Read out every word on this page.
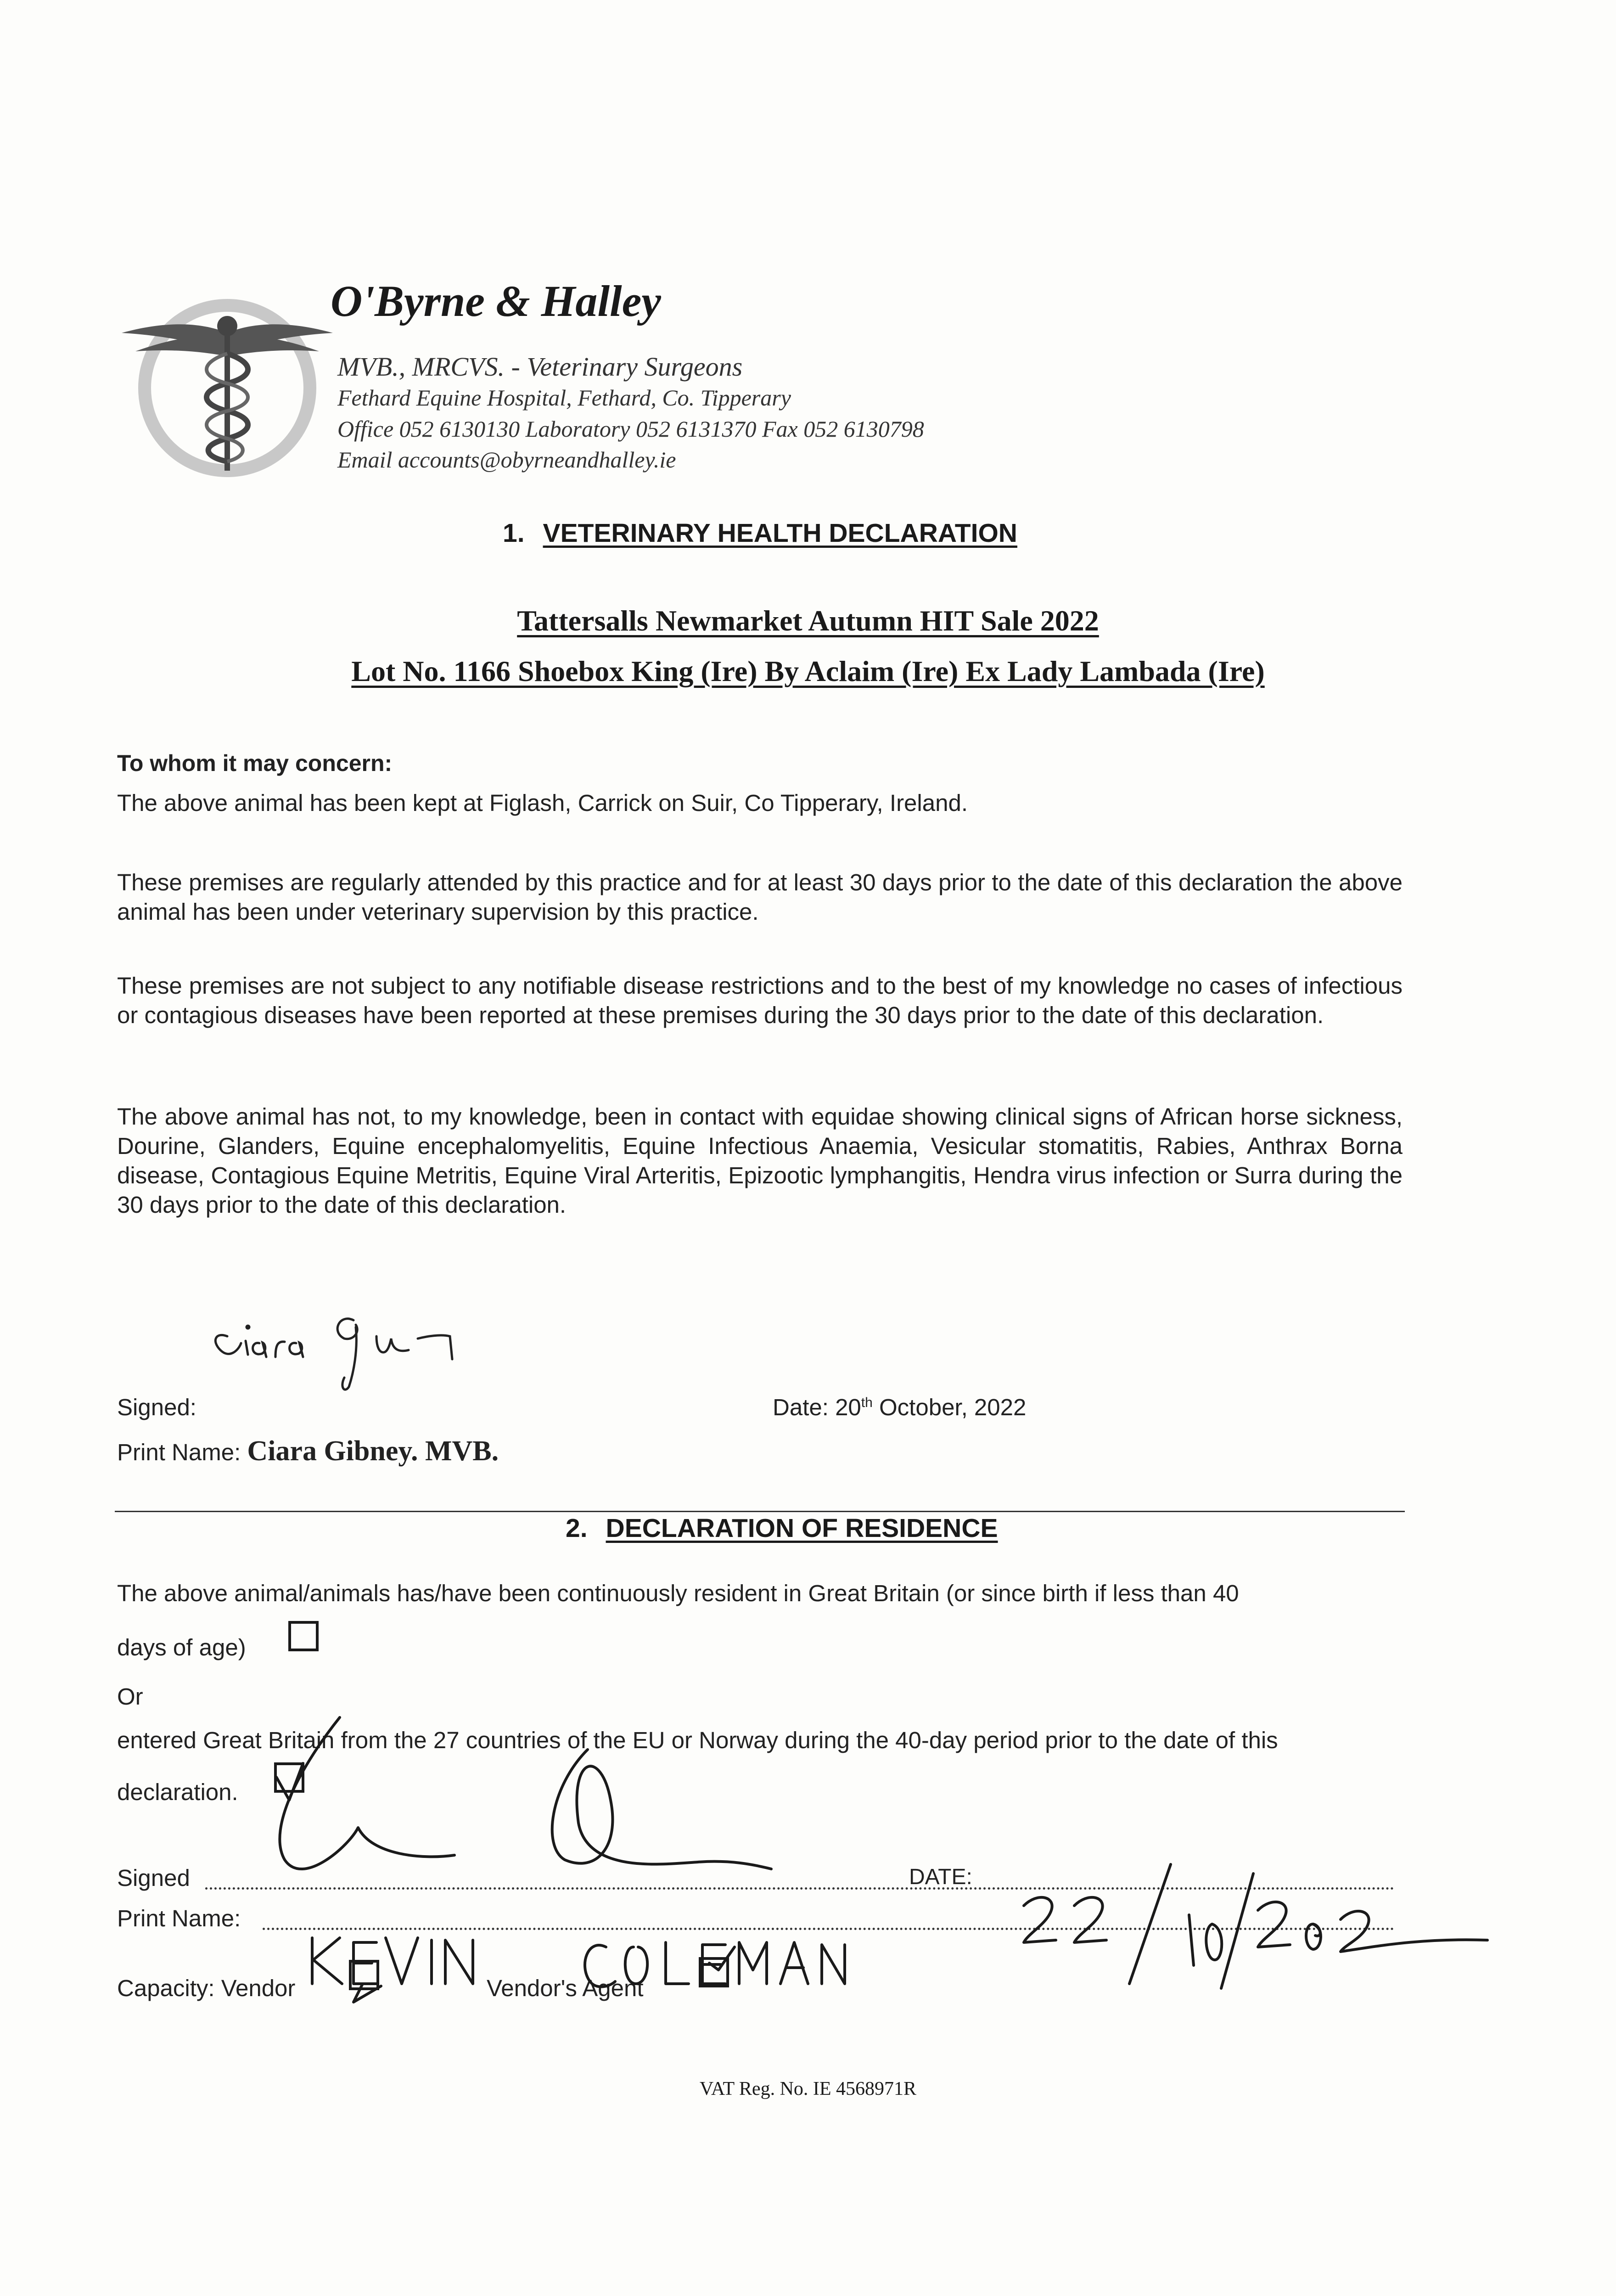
O'Byrne & Halley
MVB., MRCVS. - Veterinary Surgeons
Fethard Equine Hospital, Fethard, Co. Tipperary
Office 052 6130130 Laboratory 052 6131370 Fax 052 6130798
Email accounts@obyrneandhalley.ie
1. VETERINARY HEALTH DECLARATION
Tattersalls Newmarket Autumn HIT Sale 2022
Lot No. 1166 Shoebox King (Ire) By Aclaim (Ire) Ex Lady Lambada (Ire)
To whom it may concern:
The above animal has been kept at Figlash, Carrick on Suir, Co Tipperary, Ireland.
These premises are regularly attended by this practice and for at least 30 days prior to the date of this declaration the above animal has been under veterinary supervision by this practice.
These premises are not subject to any notifiable disease restrictions and to the best of my knowledge no cases of infectious or contagious diseases have been reported at these premises during the 30 days prior to the date of this declaration.
The above animal has not, to my knowledge, been in contact with equidae showing clinical signs of African horse sickness, Dourine, Glanders, Equine encephalomyelitis, Equine Infectious Anaemia, Vesicular stomatitis, Rabies, Anthrax Borna disease, Contagious Equine Metritis, Equine Viral Arteritis, Epizootic lymphangitis, Hendra virus infection or Surra during the 30 days prior to the date of this declaration.
Signed:	Date: 20th October, 2022
Print Name: Ciara Gibney. MVB.
2. DECLARATION OF RESIDENCE
The above animal/animals has/have been continuously resident in Great Britain (or since birth if less than 40
days of age)
Or
entered Great Britain from the 27 countries of the EU or Norway during the 40-day period prior to the date of this
declaration.
Signed	DATE:
Print Name:
Capacity: Vendor	Vendor's Agent
VAT Reg. No. IE 4568971R
